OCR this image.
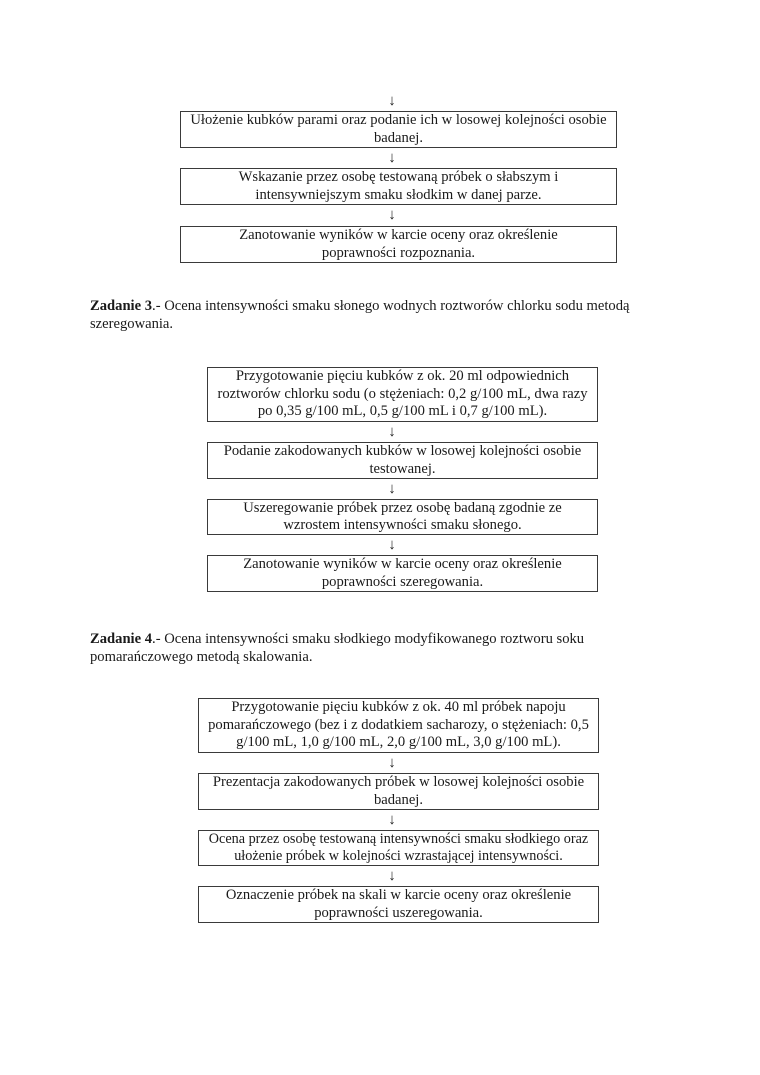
↓
Ułożenie kubków parami oraz podanie ich w losowej kolejności osobie badanej.
↓
Wskazanie przez osobę testowaną próbek o słabszym i intensywniejszym smaku słodkim w danej parze.
↓
Zanotowanie wyników w karcie oceny oraz określenie poprawności rozpoznania.
Zadanie 3.- Ocena intensywności smaku słonego wodnych roztworów chlorku sodu metodą szeregowania.
Przygotowanie pięciu kubków z ok. 20 ml odpowiednich roztworów chlorku sodu (o stężeniach: 0,2 g/100 mL, dwa razy po 0,35 g/100 mL, 0,5 g/100 mL i 0,7 g/100 mL).
↓
Podanie zakodowanych kubków w losowej kolejności osobie testowanej.
↓
Uszeregowanie próbek przez osobę badaną zgodnie ze wzrostem intensywności smaku słonego.
↓
Zanotowanie wyników w karcie oceny oraz określenie poprawności szeregowania.
Zadanie 4.- Ocena intensywności smaku słodkiego modyfikowanego roztworu soku pomarańczowego metodą skalowania.
Przygotowanie pięciu kubków z ok. 40 ml próbek napoju pomarańczowego (bez i z dodatkiem sacharozy, o stężeniach: 0,5 g/100 mL, 1,0 g/100 mL, 2,0 g/100 mL, 3,0 g/100 mL).
↓
Prezentacja zakodowanych próbek w losowej kolejności osobie badanej.
↓
Ocena przez osobę testowaną intensywności smaku słodkiego oraz ułożenie próbek w kolejności wzrastającej intensywności.
↓
Oznaczenie próbek na skali w karcie oceny oraz określenie poprawności uszeregowania.
